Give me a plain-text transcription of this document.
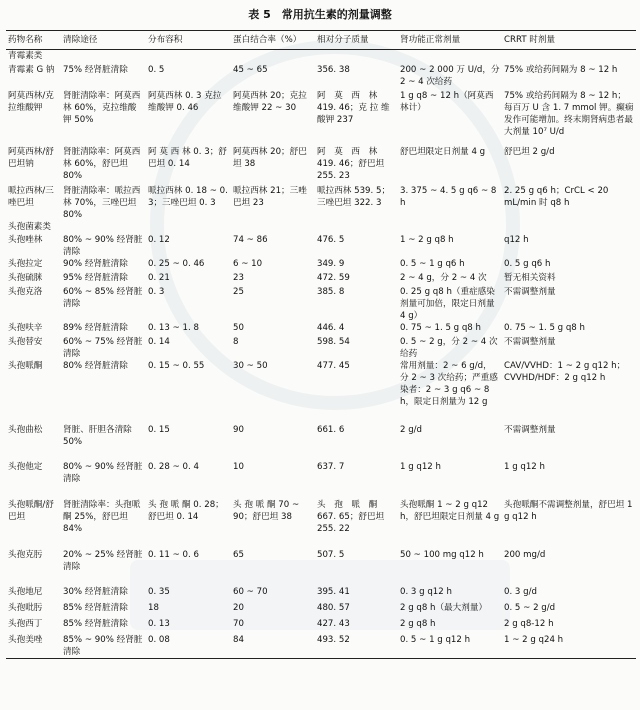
表 5　常用抗生素的剂量调整
药物名称	清除途径	分布容积	蛋白结合率（%）	相对分子质量	肾功能正常剂量	CRRT 时剂量
青霉素类						
青霉素 G 钠	75% 经肾脏清除	0. 5	45 ~ 65	356. 38	200 ~ 2 000 万 U/d，分 2 ~ 4 次给药	75% 或给药间隔为 8 ~ 12 h
阿莫西林/克拉维酸钾	肾脏清除率：阿莫西林 60%，克拉维酸钾 50%	阿莫西林 0. 3 克拉维酸钾 0. 46	阿莫西林 20；克拉维酸钾 22 ~ 30	阿　莫　西　林 419. 46；克 拉 维酸钾 237	1 g q8 ~ 12 h（阿莫西林计）	75% 或给药间隔为 8 ~ 12 h；每百万 U 含 1. 7 mmol 钾。癫痫发作可能增加。终末期肾病患者最大剂量 10⁷ U/d
阿莫西林/舒巴坦钠	肾脏清除率：阿莫西林 60%，舒巴坦 80%	阿 莫 西 林 0. 3；舒巴坦 0. 14	阿莫西林 20；舒巴坦 38	阿　莫　西　林 419. 46；舒巴坦 255. 23	舒巴坦限定日剂量 4 g	舒巴坦 2 g/d
哌拉西林/三唑巴坦	肾脏清除率：哌拉西林 70%，三唑巴坦 80%	哌拉西林 0. 18 ~ 0. 3；三唑巴坦 0. 3	哌拉西林 21；三唑巴坦 23	哌拉西林 539. 5；三唑巴坦 322. 3	3. 375 ~ 4. 5 g q6 ~ 8 h	2. 25 g q6 h；CrCL < 20 mL/min 时 q8 h
头孢菌素类						
头孢唑林	80% ~ 90% 经肾脏清除	0. 12	74 ~ 86	476. 5	1 ~ 2 g q8 h	q12 h
头孢拉定	90% 经肾脏清除	0. 25 ~ 0. 46	6 ~ 10	349. 9	0. 5 ~ 1 g q6 h	0. 5 g q6 h
头孢硫脒	95% 经肾脏清除	0. 21	23	472. 59	2 ~ 4 g，分 2 ~ 4 次	暂无相关资料
头孢克洛	60% ~ 85% 经肾脏清除	0. 3	25	385. 8	0. 25 g q8 h（重症感染剂量可加倍，限定日剂量 4 g）	不需调整剂量
头孢呋辛	89% 经肾脏清除	0. 13 ~ 1. 8	50	446. 4	0. 75 ~ 1. 5 g q8 h	0. 75 ~ 1. 5 g q8 h
头孢替安	60% ~ 75% 经肾脏清除	0. 14	8	598. 54	0. 5 ~ 2 g，分 2 ~ 4 次给药	不需调整剂量
头孢哌酮	80% 经肾脏清除	0. 15 ~ 0. 55	30 ~ 50	477. 45	常用剂量：2 ~ 6 g/d，分 2 ~ 3 次给药；严重感染者：2 ~ 3 g q6 ~ 8 h，限定日剂量为 12 g	CAV/VVHD：1 ~ 2 g q12 h；CVVHD/HDF：2 g q12 h
头孢曲松	肾脏、肝胆各清除 50%	0. 15	90	661. 6	2 g/d	不需调整剂量
头孢他定	80% ~ 90% 经肾脏清除	0. 28 ~ 0. 4	10	637. 7	1 g q12 h	1 g q12 h
头孢哌酮/舒巴坦	肾脏清除率：头孢哌酮 25%，舒巴坦 84%	头 孢 哌 酮 0. 28；舒巴坦 0. 14	头 孢 哌 酮 70 ~ 90；舒巴坦 38	头　孢　哌　酮 667. 65；舒巴坦 255. 22	头孢哌酮 1 ~ 2 g q12 h，舒巴坦限定日剂量 4 g	头孢哌酮不需调整剂量，舒巴坦 1 g q12 h
头孢克肟	20% ~ 25% 经肾脏清除	0. 11 ~ 0. 6	65	507. 5	50 ~ 100 mg q12 h	200 mg/d
头孢地尼	30% 经肾脏清除	0. 35	60 ~ 70	395. 41	0. 3 g q12 h	0. 3 g/d
头孢吡肟	85% 经肾脏清除	18	20	480. 57	2 g q8 h（最大剂量）	0. 5 ~ 2 g/d
头孢西丁	85% 经肾脏清除	0. 13	70	427. 43	2 g q8 h	2 g q8-12 h
头孢美唑	85% ~ 90% 经肾脏清除	0. 08	84	493. 52	0. 5 ~ 1 g q12 h	1 ~ 2 g q24 h
